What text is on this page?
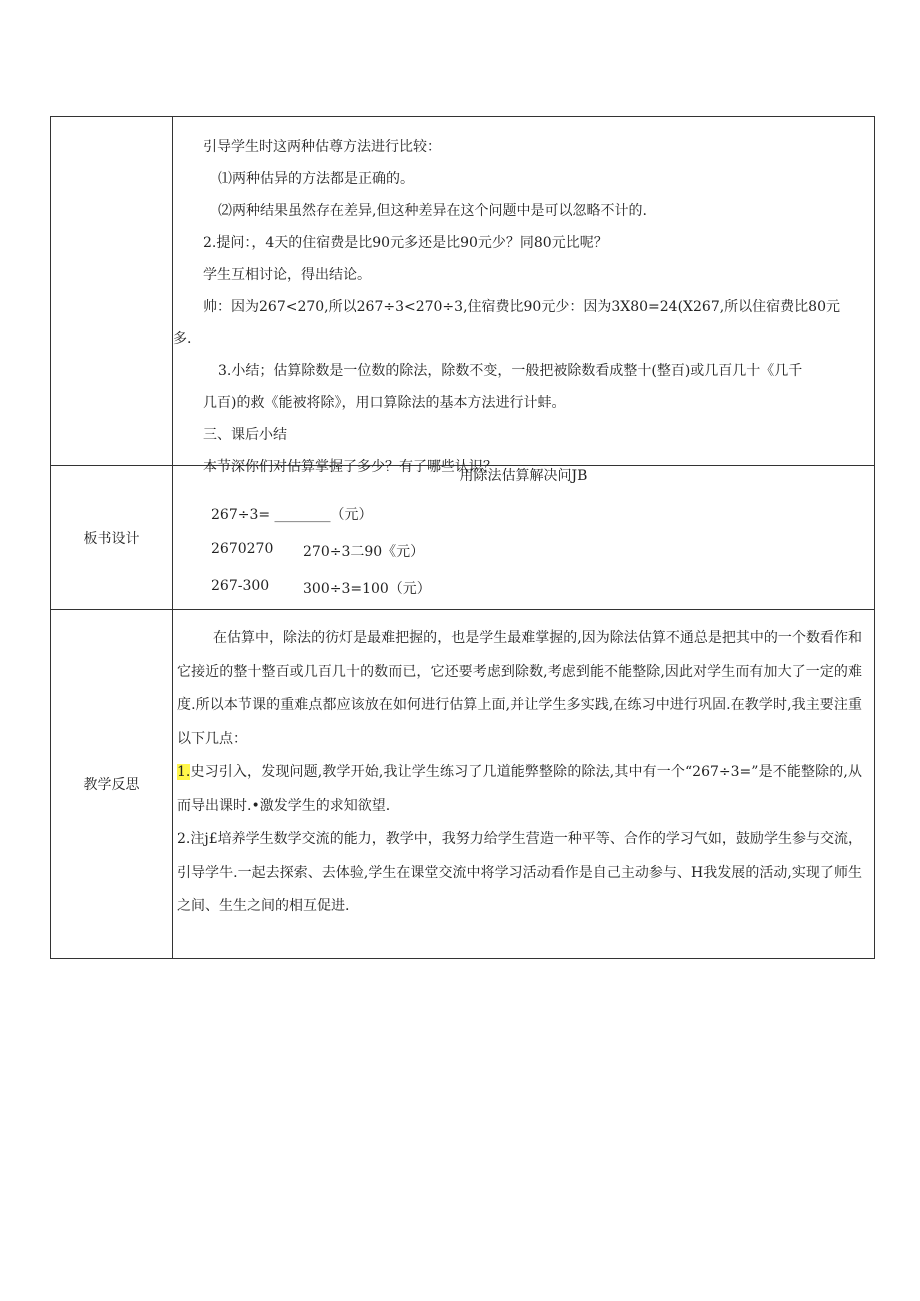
引导学生时这两种估尊方法进行比较：
⑴两种估异的方法都是正确的。
⑵两种结果虽然存在差异,但这种差异在这个问题中是可以忽略不计的.
2.提问：，4天的住宿费是比90元多还是比90元少？同80元比呢？
学生互相讨论，得出结论。
帅：因为267<270,所以267÷3<270÷3,住宿费比90元少：因为3X80=24(X267,所以住宿费比80元
多.
3.小结；估算除数是一位数的除法，除数不变，一般把被除数看成整十(整百)或几百几十《几千
几百)的救《能被将除》，用口算除法的基本方法进行计蚌。
三、课后小结
本节深你们对估算掌握了多少？有了哪些认识？
板书设计
用除法估算解决问JB
267÷3= ________（元）
2670270 270÷3二90《元）
267-300 300÷3=100（元）
教学反思
在估算中，除法的彷灯是最难把握的，也是学生最难掌握的,因为除法估算不通总是把其中的一个数看作和它接近的整十整百或几百几十的数而已，它还要考虑到除数,考虑到能不能整除,因此对学生而有加大了一定的难度.所以本节课的重难点都应该放在如何进行估算上面,并让学生多实践,在练习中进行巩固.在教学时,我主要注重以下几点：
1.史习引入，发现问题,教学开始,我让学生练习了几道能弊整除的除法,其中有一个“267÷3=”是不能整除的,从而导出课时.•激发学生的求知欲望.
2.注j£培养学生数学交流的能力，教学中，我努力给学生营造一种平等、合作的学习气如，鼓励学生参与交流，引导学牛.一起去探索、去体验,学生在课堂交流中将学习活动看作是自己主动参与、H我发展的活动,实现了师生之间、生生之间的相互促进.
